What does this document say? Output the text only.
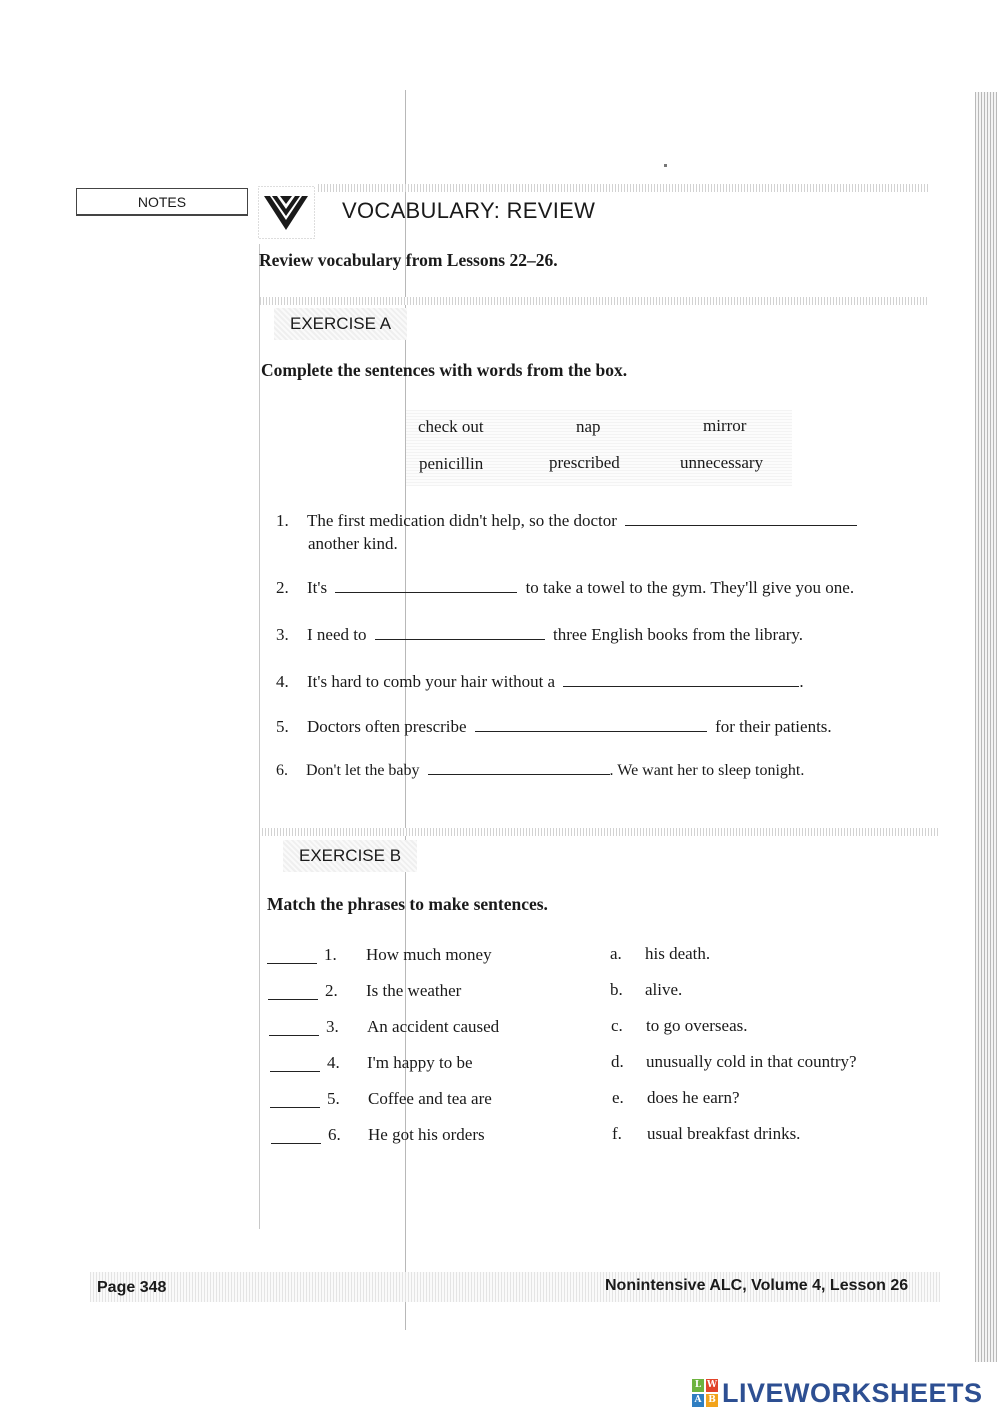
NOTES	VOCABULARY: REVIEW
Review vocabulary from Lessons 22–26.
EXERCISE A
Complete the sentences with words from the box.
check out	nap	mirror
penicillin	prescribed	unnecessary
1. The first medication didn't help, so the doctor
another kind.
2. It's	to take a towel to the gym. They'll give you one.
3. I need to	three English books from the library.
4. It's hard to comb your hair without a	.
5. Doctors often prescribe	for their patients.
6. Don't let the baby	. We want her to sleep tonight.
EXERCISE B
Match the phrases to make sentences.
1. How much money	a. his death.
2. Is the weather	b. alive.
3. An accident caused	c. to go overseas.
4. I'm happy to be	d. unusually cold in that country?
5. Coffee and tea are	e. does he earn?
6. He got his orders	f. usual breakfast drinks.
Page 348	Nonintensive ALC, Volume 4, Lesson 26
L W
A B LIVEWORKSHEETS
